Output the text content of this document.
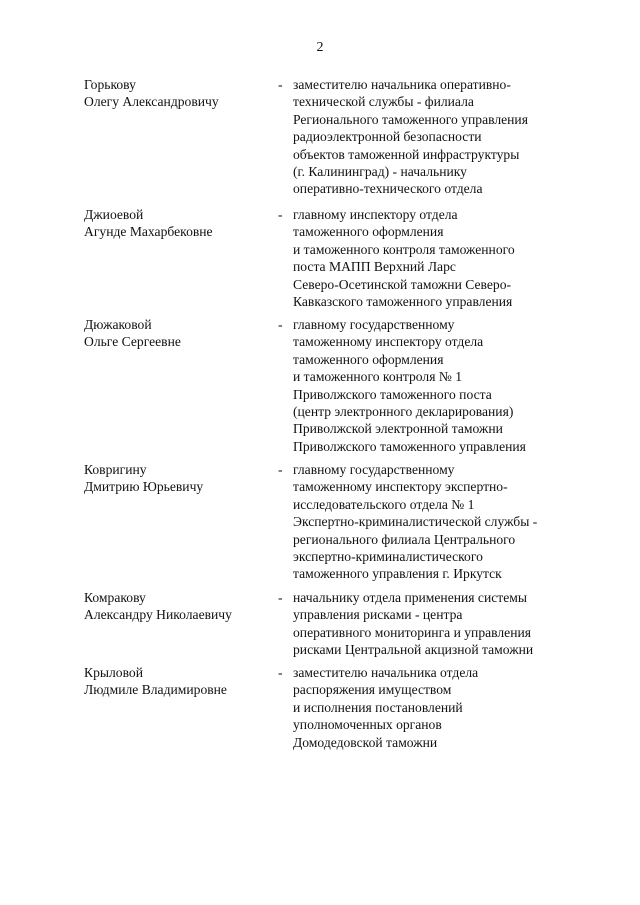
2
Горькову
Олегу Александровичу
- заместителю начальника оперативно-
технической службы - филиала
Регионального таможенного управления
радиоэлектронной безопасности
объектов таможенной инфраструктуры
(г. Калининград) - начальнику
оперативно-технического отдела
Джиоевой
Агунде Махарбековне
- главному инспектору отдела
таможенного оформления
и таможенного контроля таможенного
поста МАПП Верхний Ларс
Северо-Осетинской таможни Северо-
Кавказского таможенного управления
Дюжаковой
Ольге Сергеевне
- главному государственному
таможенному инспектору отдела
таможенного оформления
и таможенного контроля № 1
Приволжского таможенного поста
(центр электронного декларирования)
Приволжской электронной таможни
Приволжского таможенного управления
Ковригину
Дмитрию Юрьевичу
- главному государственному
таможенному инспектору экспертно-
исследовательского отдела № 1
Экспертно-криминалистической службы -
регионального филиала Центрального
экспертно-криминалистического
таможенного управления г. Иркутск
Комракову
Александру Николаевичу
- начальнику отдела применения системы
управления рисками - центра
оперативного мониторинга и управления
рисками Центральной акцизной таможни
Крыловой
Людмиле Владимировне
- заместителю начальника отдела
распоряжения имуществом
и исполнения постановлений
уполномоченных органов
Домодедовской таможни
